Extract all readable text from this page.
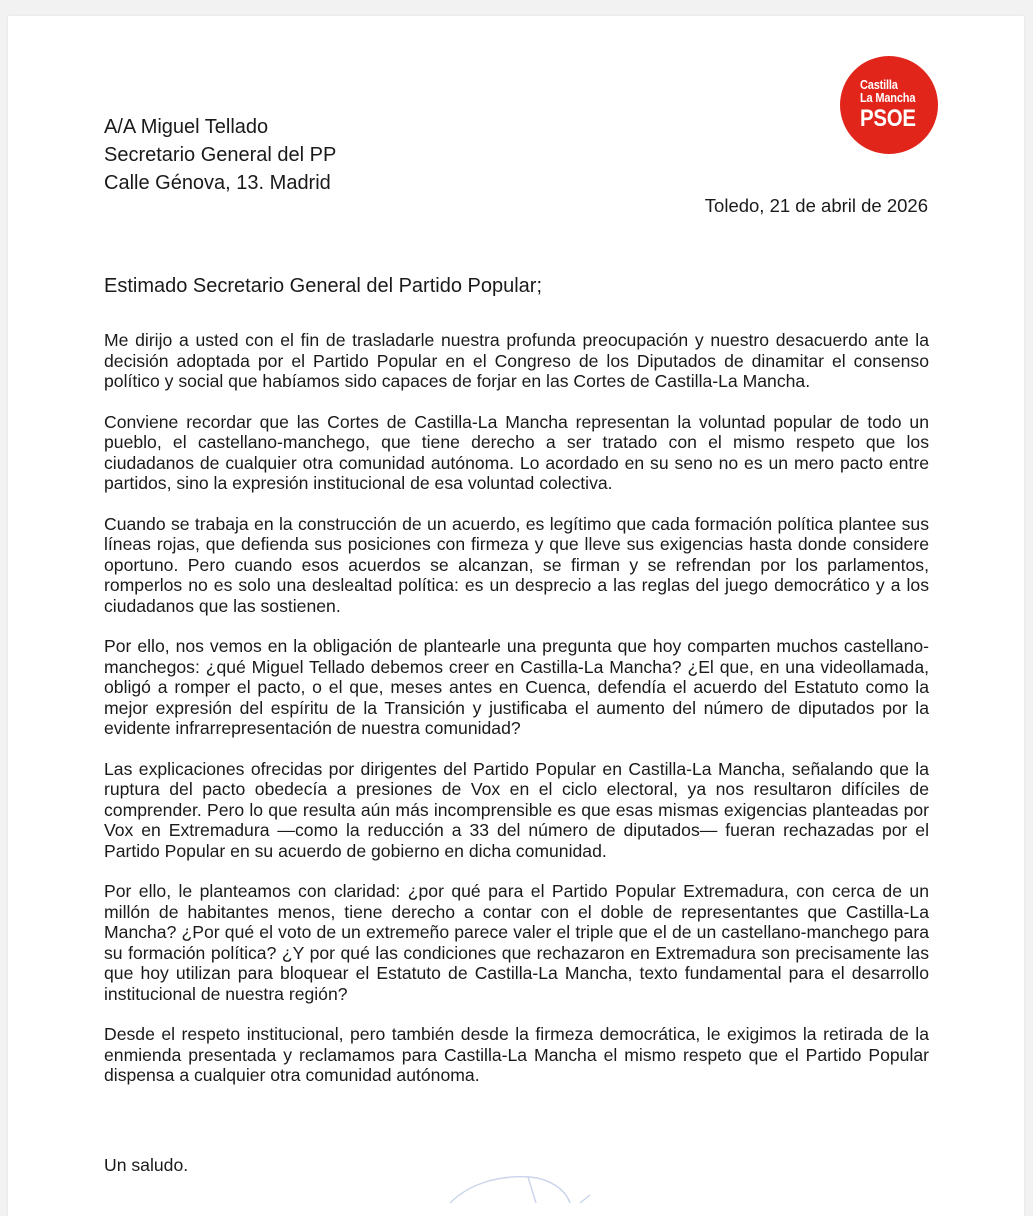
Castilla
La Mancha
PSOE
A/A Miguel Tellado
Secretario General del PP
Calle Génova, 13. Madrid
Toledo, 21 de abril de 2026
Estimado Secretario General del Partido Popular;

Me dirijo a usted con el fin de trasladarle nuestra profunda preocupación y nuestro desacuerdo ante la decisión adoptada por el Partido Popular en el Congreso de los Diputados de dinamitar el consenso político y social que habíamos sido capaces de forjar en las Cortes de Castilla-La Mancha.

Conviene recordar que las Cortes de Castilla-La Mancha representan la voluntad popular de todo un pueblo, el castellano-manchego, que tiene derecho a ser tratado con el mismo respeto que los ciudadanos de cualquier otra comunidad autónoma. Lo acordado en su seno no es un mero pacto entre partidos, sino la expresión institucional de esa voluntad colectiva.

Cuando se trabaja en la construcción de un acuerdo, es legítimo que cada formación política plantee sus líneas rojas, que defienda sus posiciones con firmeza y que lleve sus exigencias hasta donde considere oportuno. Pero cuando esos acuerdos se alcanzan, se firman y se refrendan por los parlamentos, romperlos no es solo una deslealtad política: es un desprecio a las reglas del juego democrático y a los ciudadanos que las sostienen.

Por ello, nos vemos en la obligación de plantearle una pregunta que hoy comparten muchos castellano-manchegos: ¿qué Miguel Tellado debemos creer en Castilla-La Mancha? ¿El que, en una videollamada, obligó a romper el pacto, o el que, meses antes en Cuenca, defendía el acuerdo del Estatuto como la mejor expresión del espíritu de la Transición y justificaba el aumento del número de diputados por la evidente infrarrepresentación de nuestra comunidad?

Las explicaciones ofrecidas por dirigentes del Partido Popular en Castilla-La Mancha, señalando que la ruptura del pacto obedecía a presiones de Vox en el ciclo electoral, ya nos resultaron difíciles de comprender. Pero lo que resulta aún más incomprensible es que esas mismas exigencias planteadas por Vox en Extremadura —como la reducción a 33 del número de diputados— fueran rechazadas por el Partido Popular en su acuerdo de gobierno en dicha comunidad.

Por ello, le planteamos con claridad: ¿por qué para el Partido Popular Extremadura, con cerca de un millón de habitantes menos, tiene derecho a contar con el doble de representantes que Castilla-La Mancha? ¿Por qué el voto de un extremeño parece valer el triple que el de un castellano-manchego para su formación política? ¿Y por qué las condiciones que rechazaron en Extremadura son precisamente las que hoy utilizan para bloquear el Estatuto de Castilla-La Mancha, texto fundamental para el desarrollo institucional de nuestra región?

Desde el respeto institucional, pero también desde la firmeza democrática, le exigimos la retirada de la enmienda presentada y reclamamos para Castilla-La Mancha el mismo respeto que el Partido Popular dispensa a cualquier otra comunidad autónoma.

Un saludo.
